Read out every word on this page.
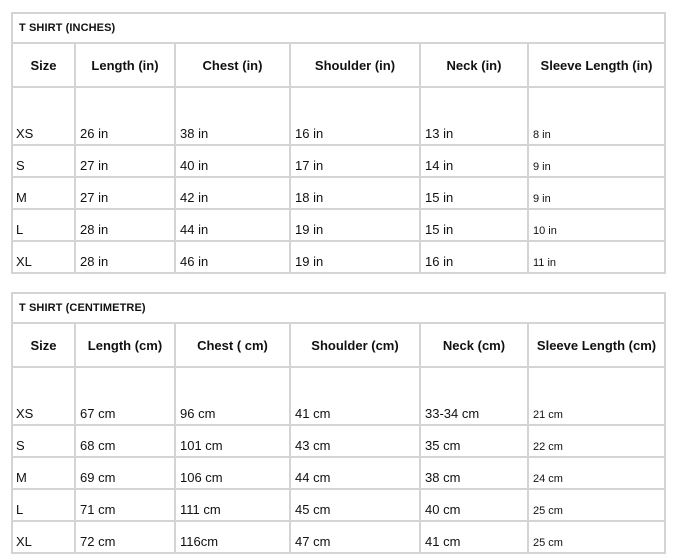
T SHIRT (INCHES)					
Size	Length (in)	Chest (in)	Shoulder (in)	Neck (in)	Sleeve Length (in)

XS	26 in	38 in	16 in	13 in	8 in
S	27 in	40 in	17 in	14 in	9 in
M	27 in	42 in	18 in	15 in	9 in
L	28 in	44 in	19 in	15 in	10 in
XL	28 in	46 in	19 in	16 in	11 in
T SHIRT (CENTIMETRE)					
Size	Length (cm)	Chest ( cm)	Shoulder (cm)	Neck (cm)	Sleeve Length (cm)

XS	67 cm	96 cm	41 cm	33-34 cm	21 cm
S	68 cm	101 cm	43 cm	35 cm	22 cm
M	69 cm	106 cm	44 cm	38 cm	24 cm
L	71 cm	111 cm	45 cm	40 cm	25 cm
XL	72 cm	116cm	47 cm	41 cm	25 cm
